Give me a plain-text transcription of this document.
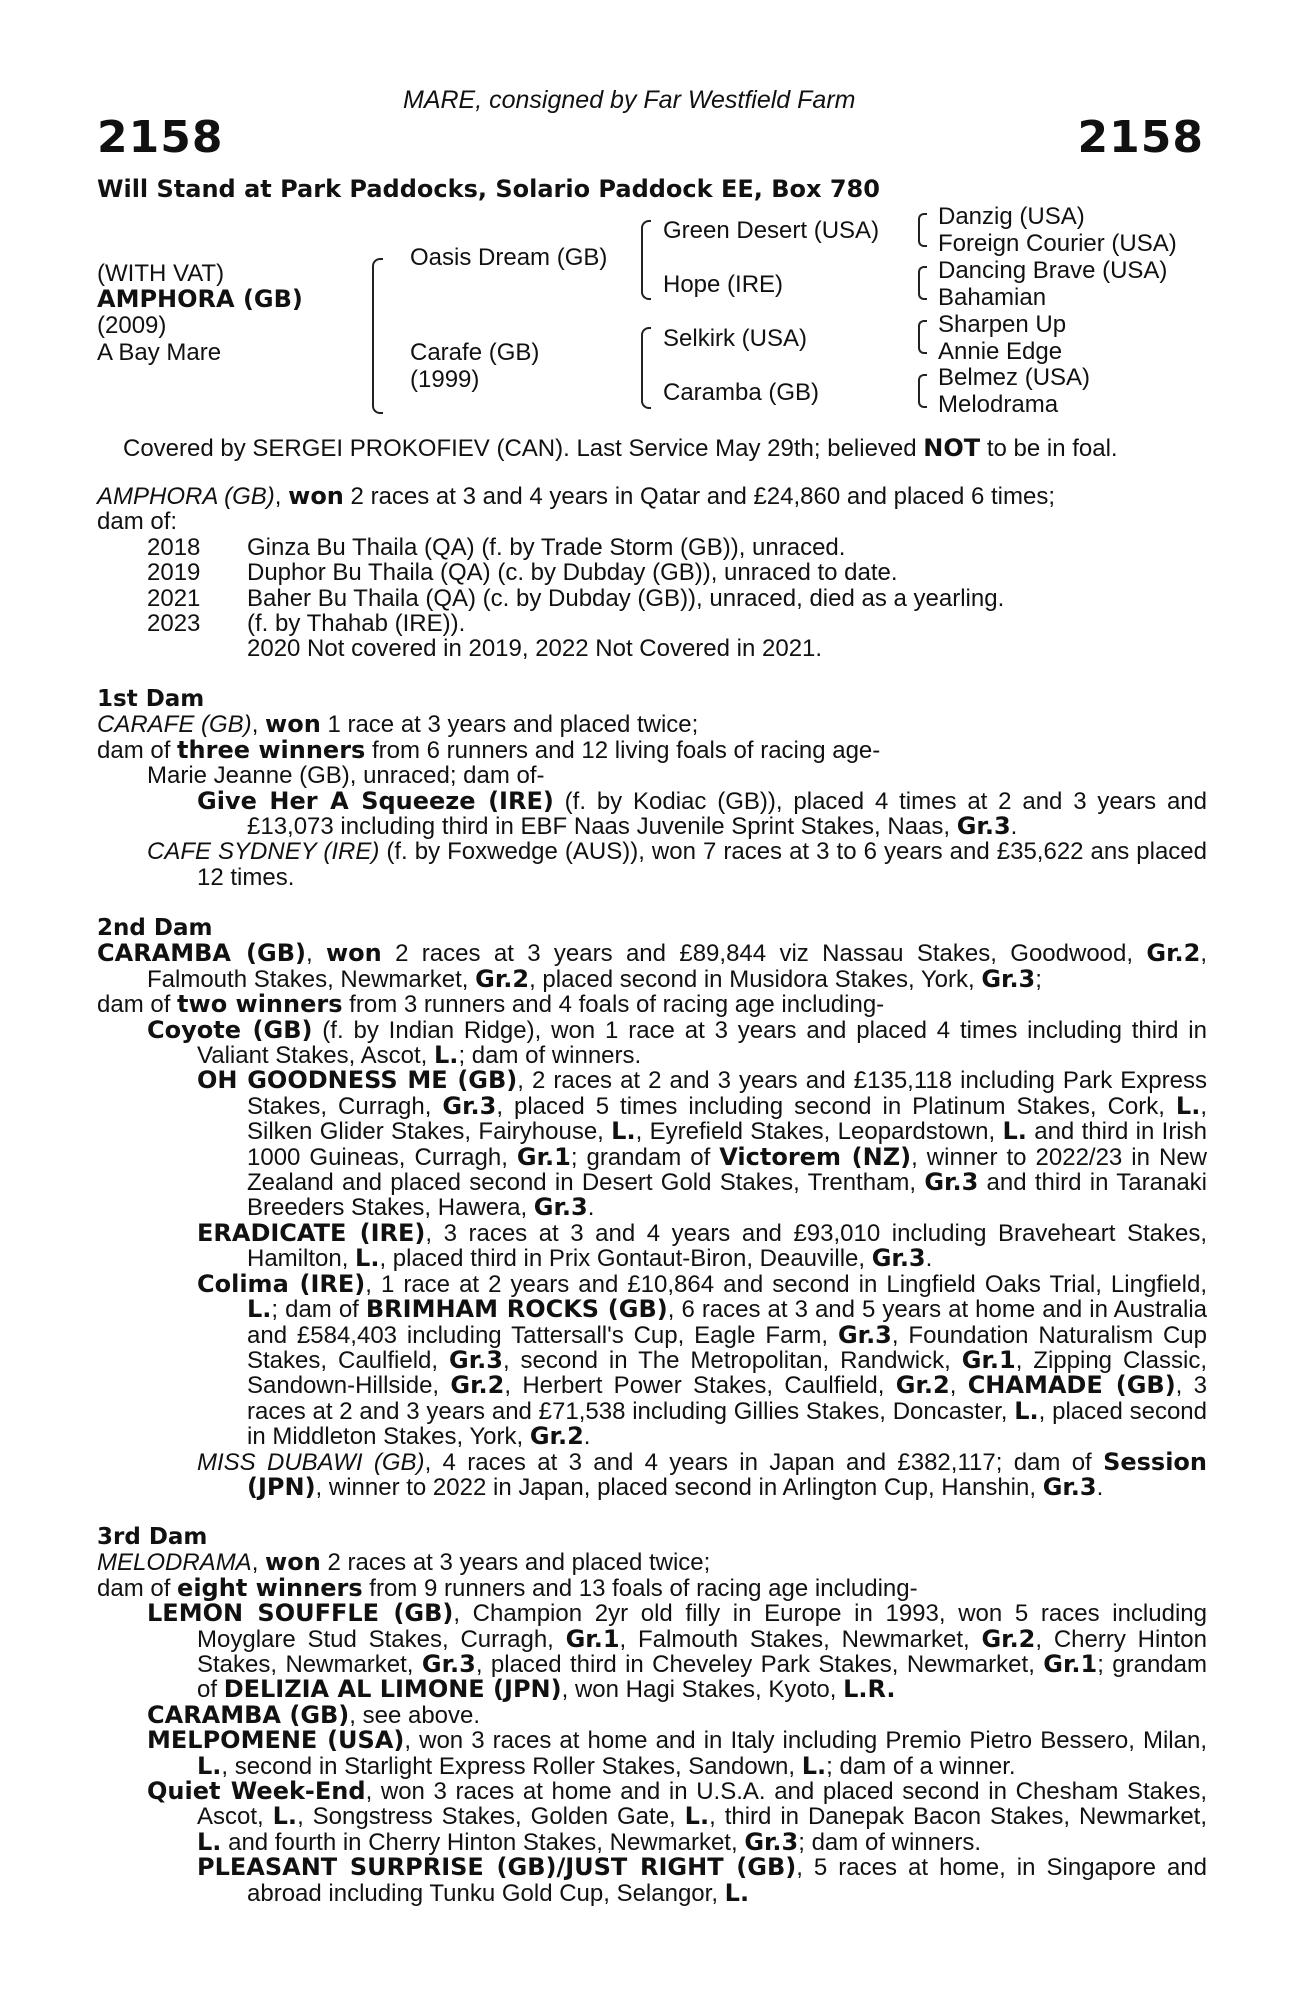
2158	2158
MARE, consigned by Far Westfield Farm
Will Stand at Park Paddocks, Solario Paddock EE, Box 780
(WITH VAT)
AMPHORA (GB)
(2009)
A Bay Mare
Oasis Dream (GB)
Carafe (GB)
(1999)
Green Desert (USA)
Hope (IRE)
Selkirk (USA)
Caramba (GB)
Danzig (USA)
Foreign Courier (USA)
Dancing Brave (USA)
Bahamian
Sharpen Up
Annie Edge
Belmez (USA)
Melodrama
Covered by SERGEI PROKOFIEV (CAN). Last Service May 29th; believed NOT to be in foal.
AMPHORA (GB), won 2 races at 3 and 4 years in Qatar and £24,860 and placed 6 times;
dam of:
2018 Ginza Bu Thaila (QA) (f. by Trade Storm (GB)), unraced.
2019 Duphor Bu Thaila (QA) (c. by Dubday (GB)), unraced to date.
2021 Baher Bu Thaila (QA) (c. by Dubday (GB)), unraced, died as a yearling.
2023 (f. by Thahab (IRE)).
2020 Not covered in 2019, 2022 Not Covered in 2021.
1st Dam
CARAFE (GB), won 1 race at 3 years and placed twice;
dam of three winners from 6 runners and 12 living foals of racing age-
Marie Jeanne (GB), unraced; dam of-
Give Her A Squeeze (IRE) (f. by Kodiac (GB)), placed 4 times at 2 and 3 years and £13,073 including third in EBF Naas Juvenile Sprint Stakes, Naas, Gr.3.
CAFE SYDNEY (IRE) (f. by Foxwedge (AUS)), won 7 races at 3 to 6 years and £35,622 ans placed 12 times.
2nd Dam
CARAMBA (GB), won 2 races at 3 years and £89,844 viz Nassau Stakes, Goodwood, Gr.2, Falmouth Stakes, Newmarket, Gr.2, placed second in Musidora Stakes, York, Gr.3;
dam of two winners from 3 runners and 4 foals of racing age including-
Coyote (GB) (f. by Indian Ridge), won 1 race at 3 years and placed 4 times including third in Valiant Stakes, Ascot, L.; dam of winners.
OH GOODNESS ME (GB), 2 races at 2 and 3 years and £135,118 including Park Express Stakes, Curragh, Gr.3, placed 5 times including second in Platinum Stakes, Cork, L., Silken Glider Stakes, Fairyhouse, L., Eyrefield Stakes, Leopardstown, L. and third in Irish 1000 Guineas, Curragh, Gr.1; grandam of Victorem (NZ), winner to 2022/23 in New Zealand and placed second in Desert Gold Stakes, Trentham, Gr.3 and third in Taranaki Breeders Stakes, Hawera, Gr.3.
ERADICATE (IRE), 3 races at 3 and 4 years and £93,010 including Braveheart Stakes, Hamilton, L., placed third in Prix Gontaut-Biron, Deauville, Gr.3.
Colima (IRE), 1 race at 2 years and £10,864 and second in Lingfield Oaks Trial, Lingfield, L.; dam of BRIMHAM ROCKS (GB), 6 races at 3 and 5 years at home and in Australia and £584,403 including Tattersall's Cup, Eagle Farm, Gr.3, Foundation Naturalism Cup Stakes, Caulfield, Gr.3, second in The Metropolitan, Randwick, Gr.1, Zipping Classic, Sandown-Hillside, Gr.2, Herbert Power Stakes, Caulfield, Gr.2, CHAMADE (GB), 3 races at 2 and 3 years and £71,538 including Gillies Stakes, Doncaster, L., placed second in Middleton Stakes, York, Gr.2.
MISS DUBAWI (GB), 4 races at 3 and 4 years in Japan and £382,117; dam of Session (JPN), winner to 2022 in Japan, placed second in Arlington Cup, Hanshin, Gr.3.
3rd Dam
MELODRAMA, won 2 races at 3 years and placed twice;
dam of eight winners from 9 runners and 13 foals of racing age including-
LEMON SOUFFLE (GB), Champion 2yr old filly in Europe in 1993, won 5 races including Moyglare Stud Stakes, Curragh, Gr.1, Falmouth Stakes, Newmarket, Gr.2, Cherry Hinton Stakes, Newmarket, Gr.3, placed third in Cheveley Park Stakes, Newmarket, Gr.1; grandam of DELIZIA AL LIMONE (JPN), won Hagi Stakes, Kyoto, L.R.
CARAMBA (GB), see above.
MELPOMENE (USA), won 3 races at home and in Italy including Premio Pietro Bessero, Milan, L., second in Starlight Express Roller Stakes, Sandown, L.; dam of a winner.
Quiet Week-End, won 3 races at home and in U.S.A. and placed second in Chesham Stakes, Ascot, L., Songstress Stakes, Golden Gate, L., third in Danepak Bacon Stakes, Newmarket, L. and fourth in Cherry Hinton Stakes, Newmarket, Gr.3; dam of winners.
PLEASANT SURPRISE (GB)/JUST RIGHT (GB), 5 races at home, in Singapore and abroad including Tunku Gold Cup, Selangor, L.
